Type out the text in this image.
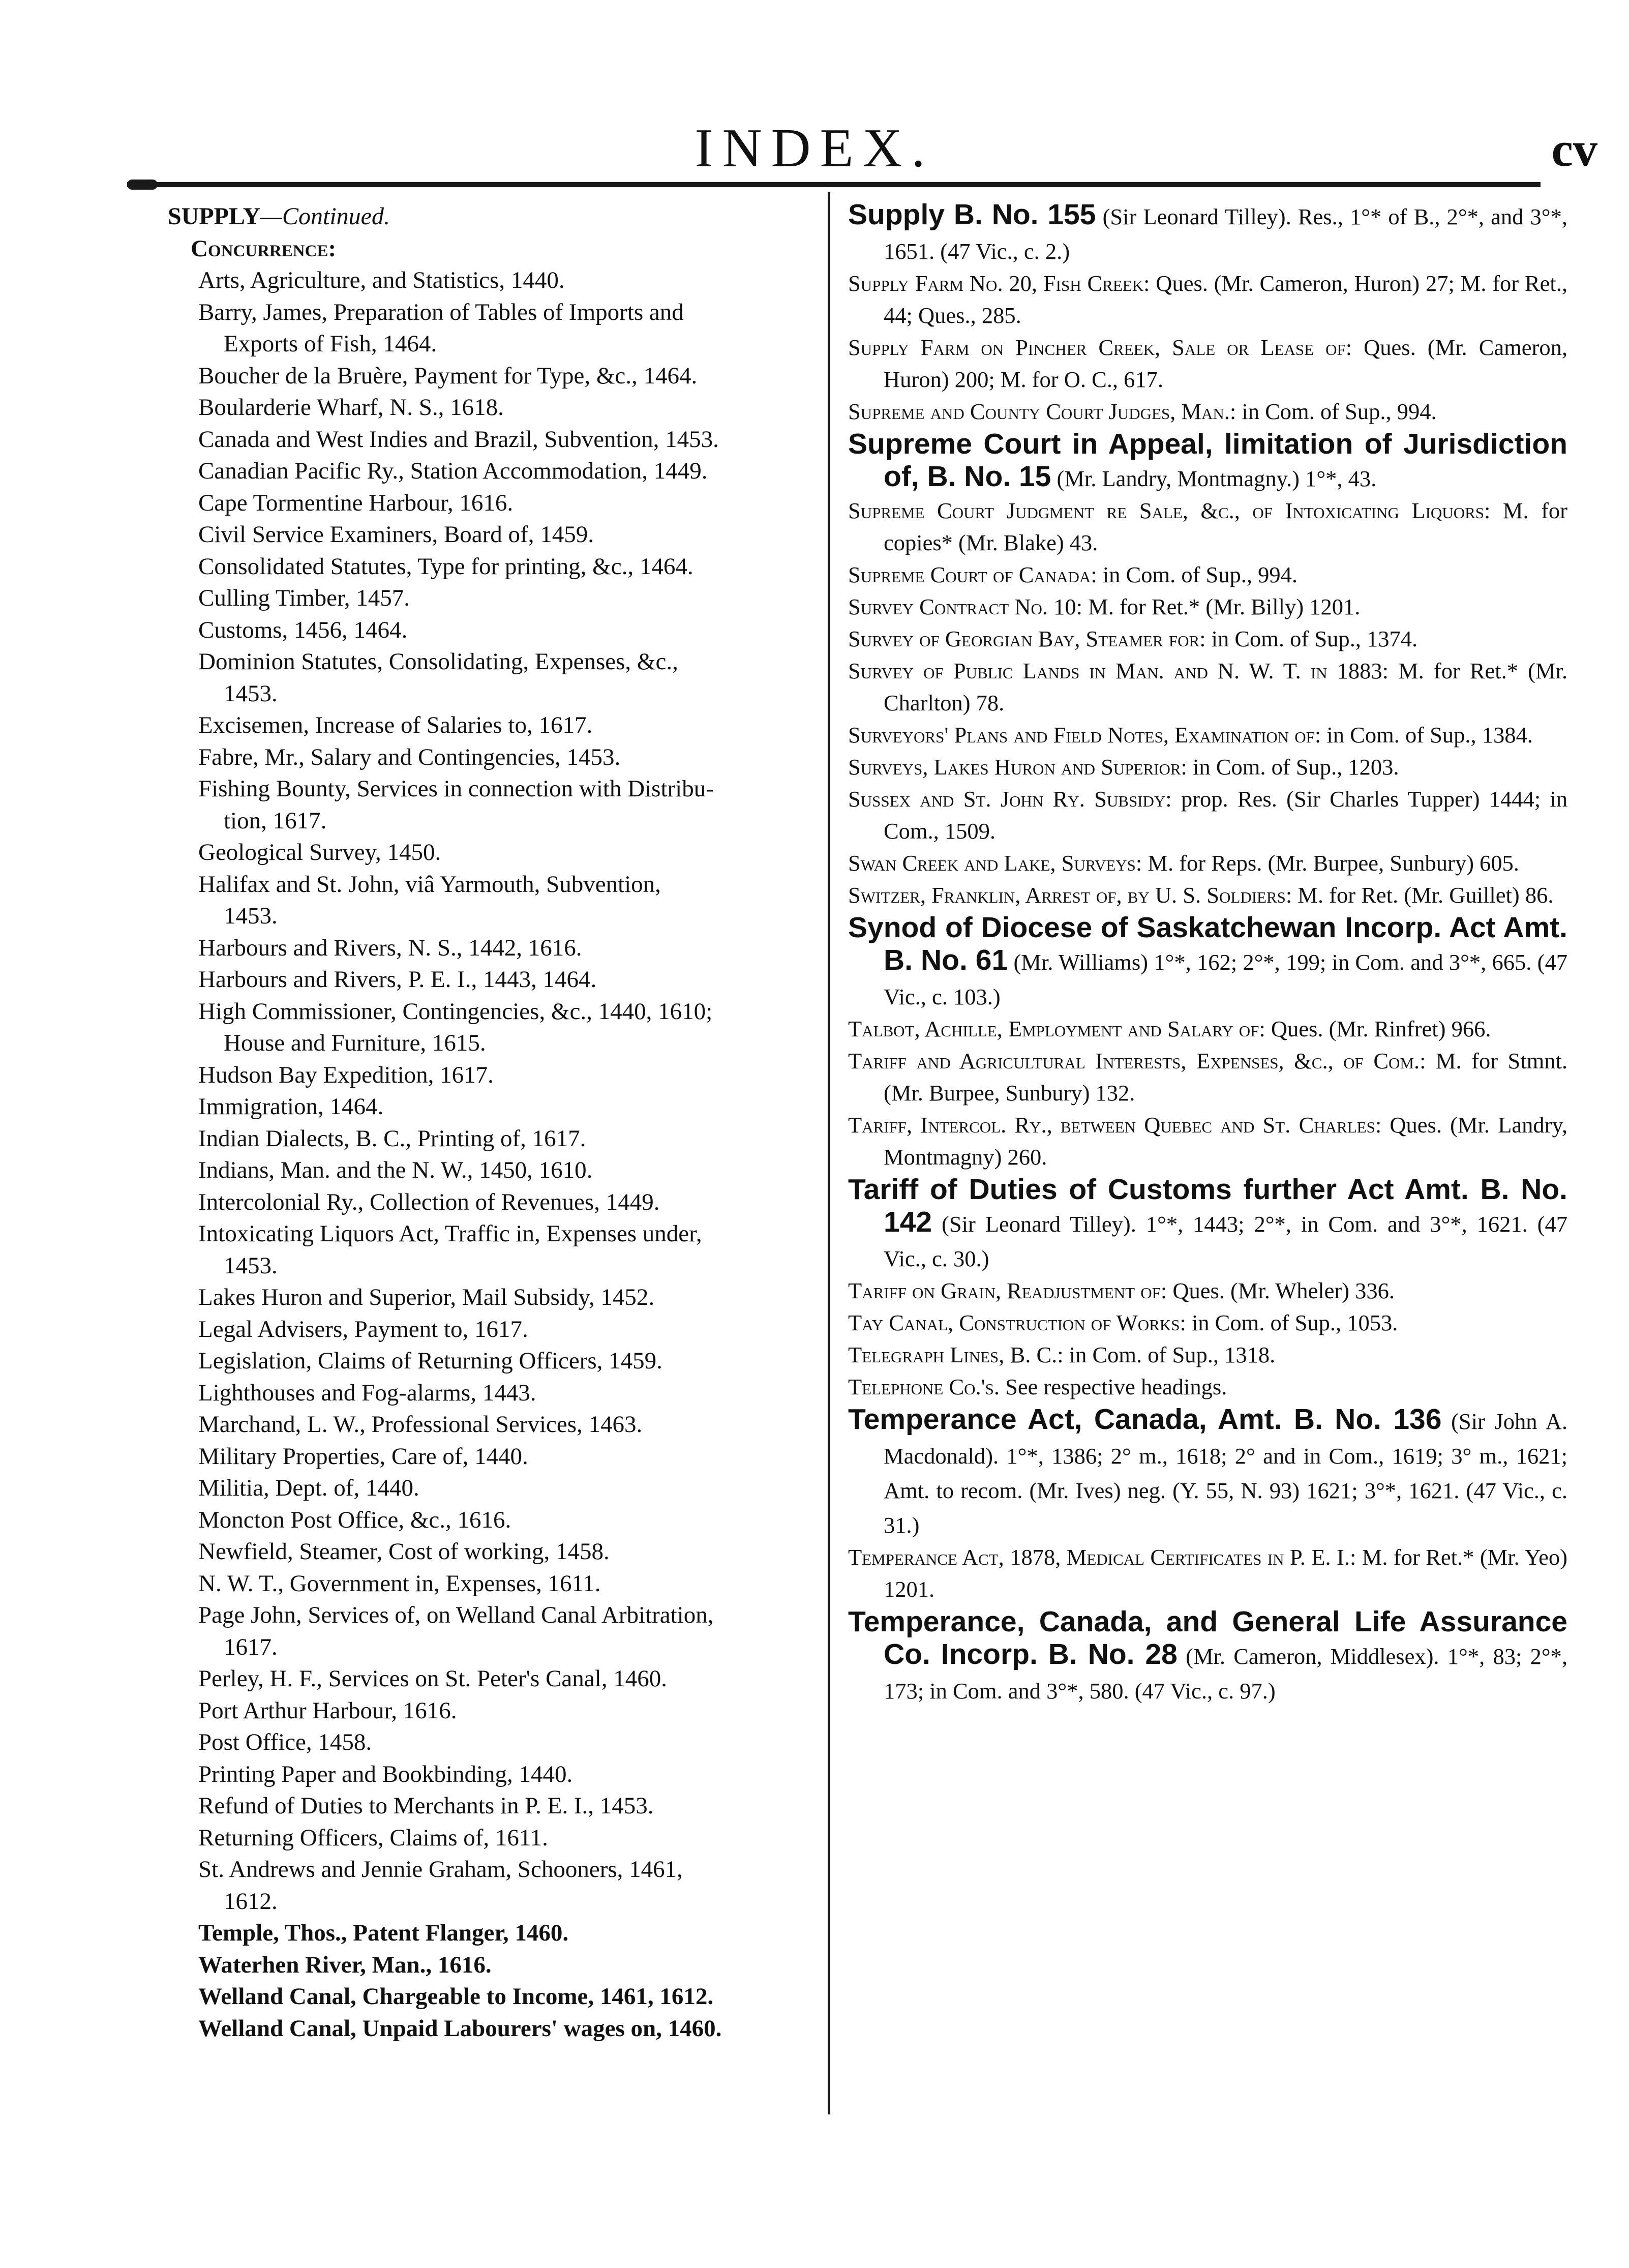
INDEX.	cv
SUPPLY—Continued.
Concurrence:
Arts, Agriculture, and Statistics, 1440.
Barry, James, Preparation of Tables of Imports and
Exports of Fish, 1464.
Boucher de la Bruère, Payment for Type, &c., 1464.
Boularderie Wharf, N. S., 1618.
Canada and West Indies and Brazil, Subvention, 1453.
Canadian Pacific Ry., Station Accommodation, 1449.
Cape Tormentine Harbour, 1616.
Civil Service Examiners, Board of, 1459.
Consolidated Statutes, Type for printing, &c., 1464.
Culling Timber, 1457.
Customs, 1456, 1464.
Dominion Statutes, Consolidating, Expenses, &c.,
1453.
Excisemen, Increase of Salaries to, 1617.
Fabre, Mr., Salary and Contingencies, 1453.
Fishing Bounty, Services in connection with Distribu-
tion, 1617.
Geological Survey, 1450.
Halifax and St. John, viâ Yarmouth, Subvention,
1453.
Harbours and Rivers, N. S., 1442, 1616.
Harbours and Rivers, P. E. I., 1443, 1464.
High Commissioner, Contingencies, &c., 1440, 1610;
House and Furniture, 1615.
Hudson Bay Expedition, 1617.
Immigration, 1464.
Indian Dialects, B. C., Printing of, 1617.
Indians, Man. and the N. W., 1450, 1610.
Intercolonial Ry., Collection of Revenues, 1449.
Intoxicating Liquors Act, Traffic in, Expenses under,
1453.
Lakes Huron and Superior, Mail Subsidy, 1452.
Legal Advisers, Payment to, 1617.
Legislation, Claims of Returning Officers, 1459.
Lighthouses and Fog-alarms, 1443.
Marchand, L. W., Professional Services, 1463.
Military Properties, Care of, 1440.
Militia, Dept. of, 1440.
Moncton Post Office, &c., 1616.
Newfield, Steamer, Cost of working, 1458.
N. W. T., Government in, Expenses, 1611.
Page John, Services of, on Welland Canal Arbitration,
1617.
Perley, H. F., Services on St. Peter's Canal, 1460.
Port Arthur Harbour, 1616.
Post Office, 1458.
Printing Paper and Bookbinding, 1440.
Refund of Duties to Merchants in P. E. I., 1453.
Returning Officers, Claims of, 1611.
St. Andrews and Jennie Graham, Schooners, 1461,
1612.
Temple, Thos., Patent Flanger, 1460.
Waterhen River, Man., 1616.
Welland Canal, Chargeable to Income, 1461, 1612.
Welland Canal, Unpaid Labourers' wages on, 1460.
Supply B. No. 155 (Sir Leonard Tilley). Res., 1°* of B., 2°*, and 3°*, 1651. (47 Vic., c. 2.)
Supply Farm No. 20, Fish Creek: Ques. (Mr. Cameron, Huron) 27; M. for Ret., 44; Ques., 285.
Supply Farm on Pincher Creek, Sale or Lease of: Ques. (Mr. Cameron, Huron) 200; M. for O. C., 617.
Supreme and County Court Judges, Man.: in Com. of Sup., 994.
Supreme Court in Appeal, limitation of Jurisdiction of, B. No. 15 (Mr. Landry, Montmagny.) 1°*, 43.
Supreme Court Judgment re Sale, &c., of Intoxicating Liquors: M. for copies* (Mr. Blake) 43.
Supreme Court of Canada: in Com. of Sup., 994.
Survey Contract No. 10: M. for Ret.* (Mr. Billy) 1201.
Survey of Georgian Bay, Steamer for: in Com. of Sup., 1374.
Survey of Public Lands in Man. and N. W. T. in 1883: M. for Ret.* (Mr. Charlton) 78.
Surveyors' Plans and Field Notes, Examination of: in Com. of Sup., 1384.
Surveys, Lakes Huron and Superior: in Com. of Sup., 1203.
Sussex and St. John Ry. Subsidy: prop. Res. (Sir Charles Tupper) 1444; in Com., 1509.
Swan Creek and Lake, Surveys: M. for Reps. (Mr. Burpee, Sunbury) 605.
Switzer, Franklin, Arrest of, by U. S. Soldiers: M. for Ret. (Mr. Guillet) 86.
Synod of Diocese of Saskatchewan Incorp. Act Amt. B. No. 61 (Mr. Williams) 1°*, 162; 2°*, 199; in Com. and 3°*, 665. (47 Vic., c. 103.)
Talbot, Achille, Employment and Salary of: Ques. (Mr. Rinfret) 966.
Tariff and Agricultural Interests, Expenses, &c., of Com.: M. for Stmnt. (Mr. Burpee, Sunbury) 132.
Tariff, Intercol. Ry., between Quebec and St. Charles: Ques. (Mr. Landry, Montmagny) 260.
Tariff of Duties of Customs further Act Amt. B. No. 142 (Sir Leonard Tilley). 1°*, 1443; 2°*, in Com. and 3°*, 1621. (47 Vic., c. 30.)
Tariff on Grain, Readjustment of: Ques. (Mr. Wheler) 336.
Tay Canal, Construction of Works: in Com. of Sup., 1053.
Telegraph Lines, B. C.: in Com. of Sup., 1318.
Telephone Co.'s. See respective headings.
Temperance Act, Canada, Amt. B. No. 136 (Sir John A. Macdonald). 1°*, 1386; 2° m., 1618; 2° and in Com., 1619; 3° m., 1621; Amt. to recom. (Mr. Ives) neg. (Y. 55, N. 93) 1621; 3°*, 1621. (47 Vic., c. 31.)
Temperance Act, 1878, Medical Certificates in P. E. I.: M. for Ret.* (Mr. Yeo) 1201.
Temperance, Canada, and General Life Assurance Co. Incorp. B. No. 28 (Mr. Cameron, Middlesex). 1°*, 83; 2°*, 173; in Com. and 3°*, 580. (47 Vic., c. 97.)
